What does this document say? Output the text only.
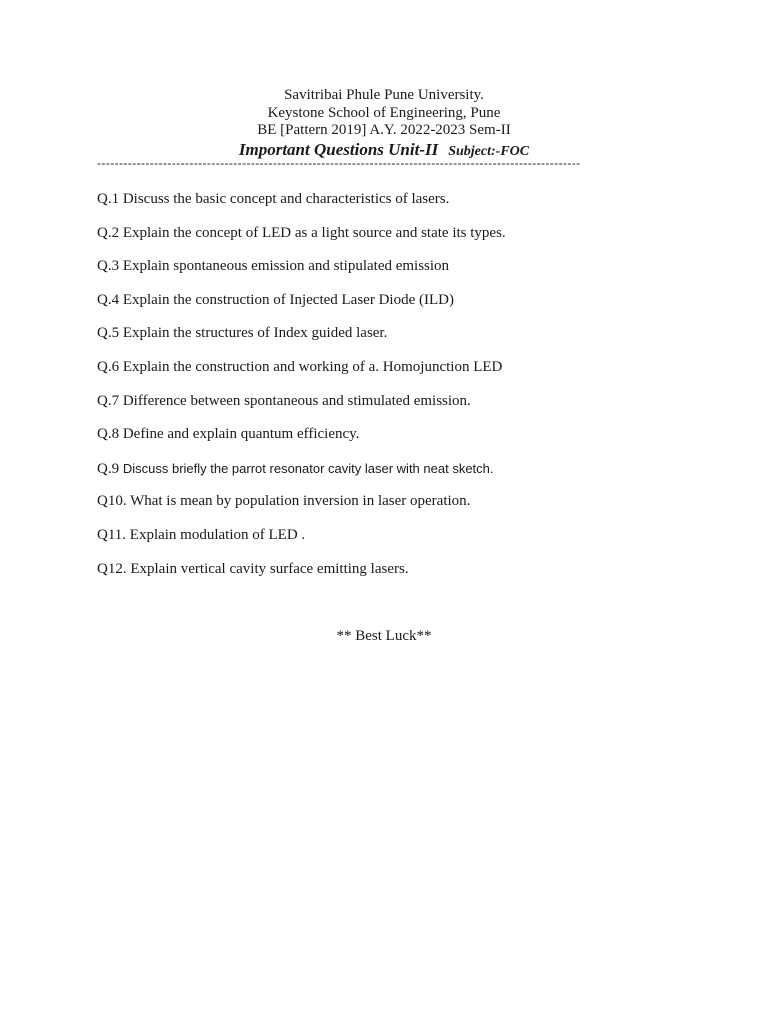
Savitribai Phule Pune University.
Keystone School of Engineering, Pune
BE [Pattern 2019] A.Y. 2022-2023 Sem-II
Important Questions Unit-II Subject:-FOC
--------------------------------------------------------------------------------------------------------------
Q.1 Discuss the basic concept and characteristics of lasers.
Q.2 Explain the concept of LED as a light source and state its types.
Q.3 Explain spontaneous emission and stipulated emission
Q.4 Explain the construction of Injected Laser Diode (ILD)
Q.5 Explain the structures of Index guided laser.
Q.6 Explain the construction and working of a. Homojunction LED
Q.7 Difference between spontaneous and stimulated emission.
Q.8 Define and explain quantum efficiency.
Q.9 Discuss briefly the parrot resonator cavity laser with neat sketch.
Q10. What is mean by population inversion in laser operation.
Q11. Explain modulation of LED .
Q12. Explain vertical cavity surface emitting lasers.
** Best Luck**
